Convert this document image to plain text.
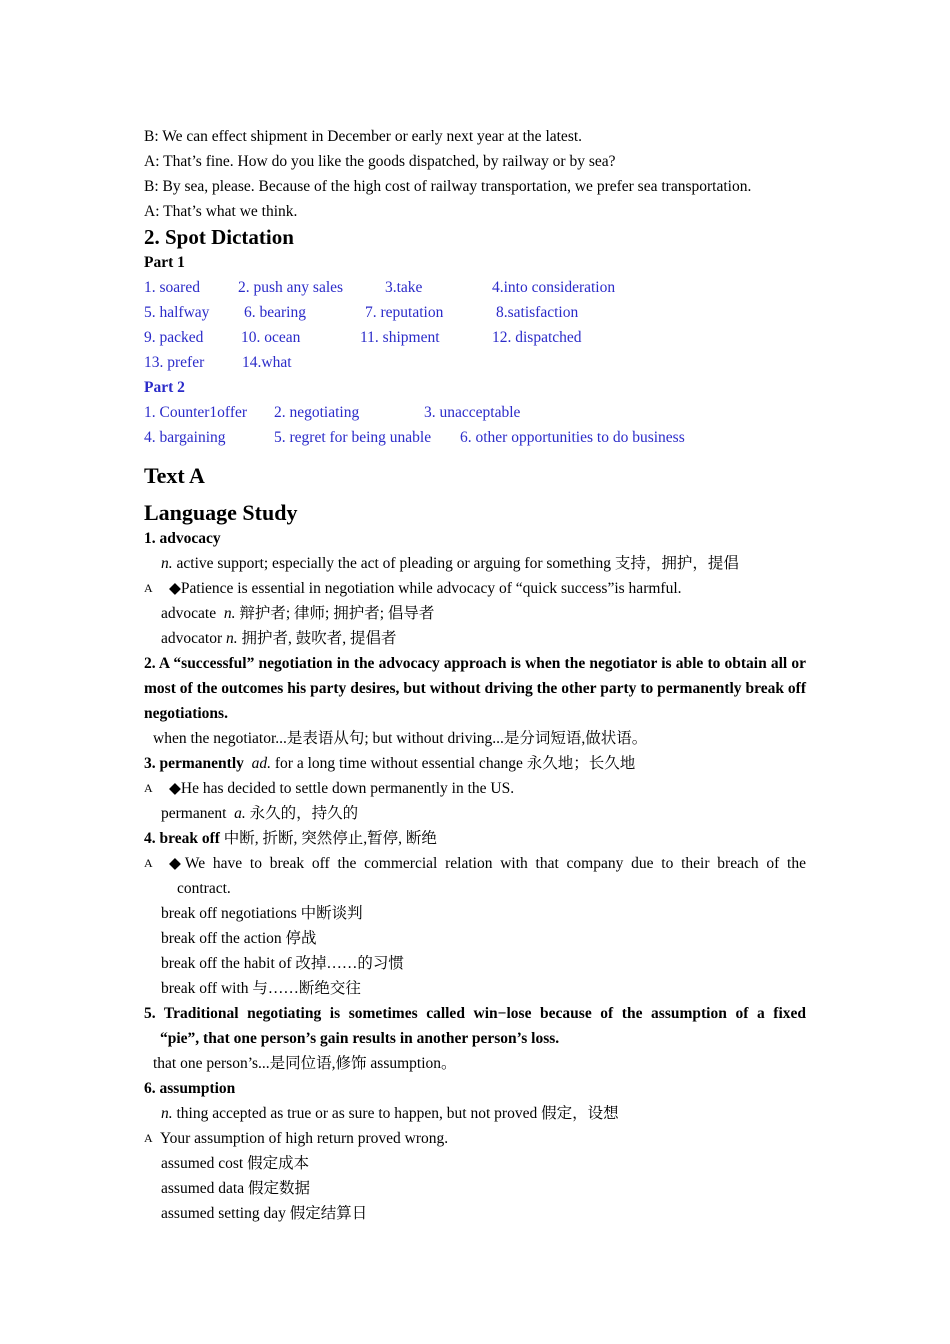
B: We can effect shipment in December or early next year at the latest.
A: That’s fine. How do you like the goods dispatched, by railway or by sea?
B: By sea, please. Because of the high cost of railway transportation, we prefer sea transportation.
A: That’s what we think.
2. Spot Dictation
Part 1
1. soared 2. push any sales	3.take	4.into consideration
5. halfway 6. bearing	7. reputation	8.satisfaction
9. packed 10. ocean	11. shipment	12. dispatched
13. prefer 14.what
Part 2
1. Counter1offer 2. negotiating	3. unacceptable
4. bargaining	5. regret for being unable 6. other opportunities to do business
Text A
Language Study
1. advocacy
n. active support; especially the act of pleading or arguing for something 支持，拥护，提倡
A	◆Patience is essential in negotiation while advocacy of “quick success”is harmful.
advocate n. 辩护者; 律师; 拥护者; 倡导者
advocator n. 拥护者, 鼓吹者, 提倡者
2. A “successful” negotiation in the advocacy approach is when the negotiator is able to obtain all or most of the outcomes his party desires, but without driving the other party to permanently break off negotiations.
when the negotiator...是表语从句; but without driving...是分词短语,做状语。
3. permanently ad. for a long time without essential change 永久地；长久地
A	◆He has decided to settle down permanently in the US.
permanent  a. 永久的，持久的
4. break off 中断, 折断, 突然停止,暂停, 断绝
A	◆We have to break off the commercial relation with that company due to their breach of the
contract.
break off negotiations 中断谈判
break off the action 停战
break off the habit of 改掉……的习惯
break off with 与……断绝交往
5. Traditional negotiating is sometimes called win−lose because of the assumption of a fixed
“pie”, that one person’s gain results in another person’s loss.
that one person’s...是同位语,修饰 assumption。
6. assumption
n. thing accepted as true or as sure to happen, but not proved 假定，设想
A Your assumption of high return proved wrong.
assumed cost 假定成本
assumed data 假定数据
assumed setting day 假定结算日
